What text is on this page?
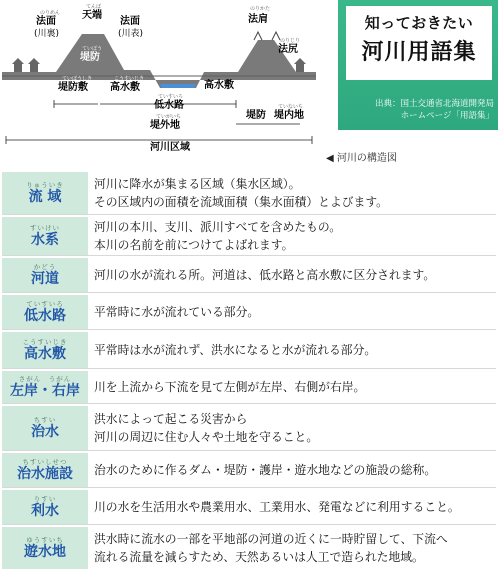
のりめん
法面
(川裏)
てんば
天端
法面
(川表)
ていぼう
堤防
ていぼうしき
堤防敷
こうすいじき
高水敷
ていすいろ
低水路
高水敷
ていがいち
堤外地
河川区域
のりかた
法肩
のりじり
法尻
堤防
ていないち
堤内地
◀ 河川の構造図
知っておきたい
河川用語集
出典：国土交通省北海道開発局
ホームページ「用語集」
りゅういき
流 域
河川に降水が集まる区域（集水区域）。
その区域内の面積を流域面積（集水面積）とよびます。
すいけい
水系
河川の本川、支川、派川すべてを含めたもの。
本川の名前を前につけてよばれます。
かどう
河道	河川の水が流れる所。河道は、低水路と高水敷に区分されます。
ていすいろ
低水路 平常時に水が流れている部分。
こうすいじき
高水敷 平常時は水が流れず、洪水になると水が流れる部分。
さがん　うがん
左岸・右岸 川を上流から下流を見て左側が左岸、右側が右岸。
ちすい
治水
洪水によって起こる災害から
河川の周辺に住む人々や土地を守ること。
ちすいしせつ
治水施設 治水のために作るダム・堤防・護岸・遊水地などの施設の総称。
りすい
利水	川の水を生活用水や農業用水、工業用水、発電などに利用すること。
ゆうすいち
遊水地
洪水時に流水の一部を平地部の河道の近くに一時貯留して、下流へ
流れる流量を減らすため、天然あるいは人工で造られた地域。
